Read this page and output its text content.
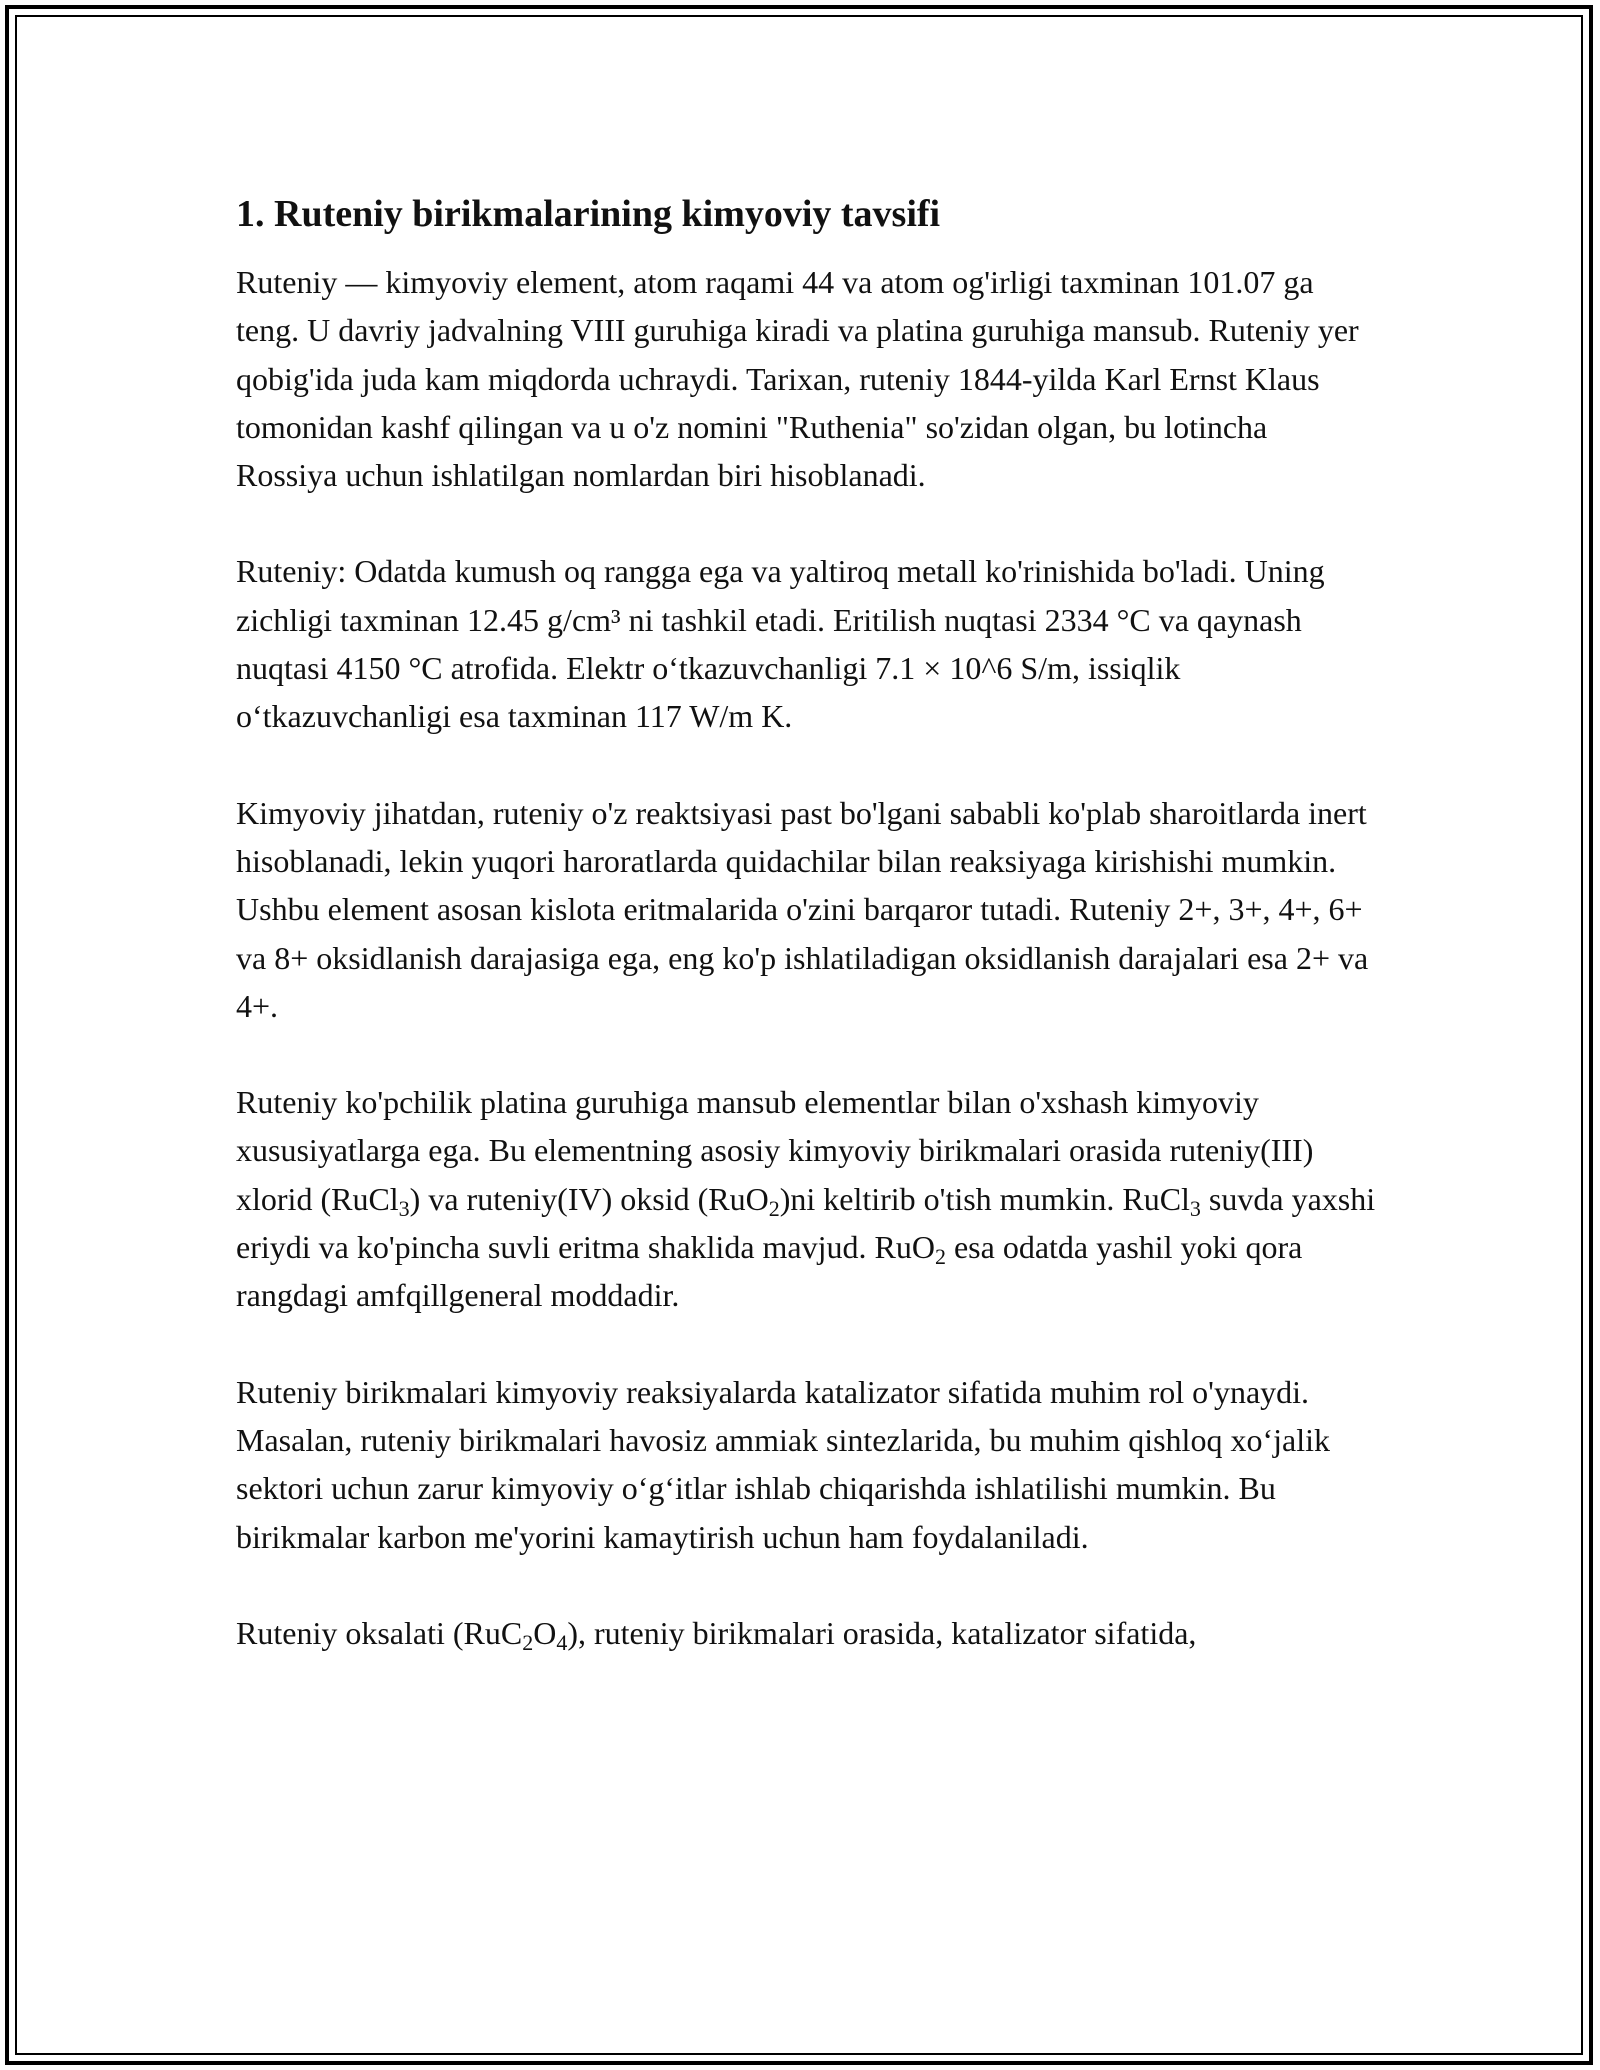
1. Ruteniy birikmalarining kimyoviy tavsifi

Ruteniy — kimyoviy element, atom raqami 44 va atom og'irligi taxminan 101.07 ga teng. U davriy jadvalning VIII guruhiga kiradi va platina guruhiga mansub. Ruteniy yer qobig'ida juda kam miqdorda uchraydi. Tarixan, ruteniy 1844-yilda Karl Ernst Klaus tomonidan kashf qilingan va u o'z nomini "Ruthenia" so'zidan olgan, bu lotincha Rossiya uchun ishlatilgan nomlardan biri hisoblanadi.

Ruteniy: Odatda kumush oq rangga ega va yaltiroq metall ko'rinishida bo'ladi. Uning zichligi taxminan 12.45 g/cm³ ni tashkil etadi. Eritilish nuqtasi 2334 °C va qaynash nuqtasi 4150 °C atrofida. Elektr o‘tkazuvchanligi 7.1 × 10^6 S/m, issiqlik o‘tkazuvchanligi esa taxminan 117 W/m K.

Kimyoviy jihatdan, ruteniy o'z reaktsiyasi past bo'lgani sababli ko'plab sharoitlarda inert hisoblanadi, lekin yuqori haroratlarda quidachilar bilan reaksiyaga kirishishi mumkin. Ushbu element asosan kislota eritmalarida o'zini barqaror tutadi. Ruteniy 2+, 3+, 4+, 6+ va 8+ oksidlanish darajasiga ega, eng ko'p ishlatiladigan oksidlanish darajalari esa 2+ va 4+.

Ruteniy ko'pchilik platina guruhiga mansub elementlar bilan o'xshash kimyoviy xususiyatlarga ega. Bu elementning asosiy kimyoviy birikmalari orasida ruteniy(III) xlorid (RuCl$_3$) va ruteniy(IV) oksid (RuO$_2$)ni keltirib o'tish mumkin. RuCl$_3$ suvda yaxshi eriydi va ko'pincha suvli eritma shaklida mavjud. RuO$_2$ esa odatda yashil yoki qora rangdagi amfqillgeneral moddadir.

Ruteniy birikmalari kimyoviy reaksiyalarda katalizator sifatida muhim rol o'ynaydi. Masalan, ruteniy birikmalari havosiz ammiak sintezlarida, bu muhim qishloq xo‘jalik sektori uchun zarur kimyoviy o‘g‘itlar ishlab chiqarishda ishlatilishi mumkin. Bu birikmalar karbon me'yorini kamaytirish uchun ham foydalaniladi.

Ruteniy oksalati $(RuC_2O_4)$, ruteniy birikmalari orasida, katalizator sifatida,
